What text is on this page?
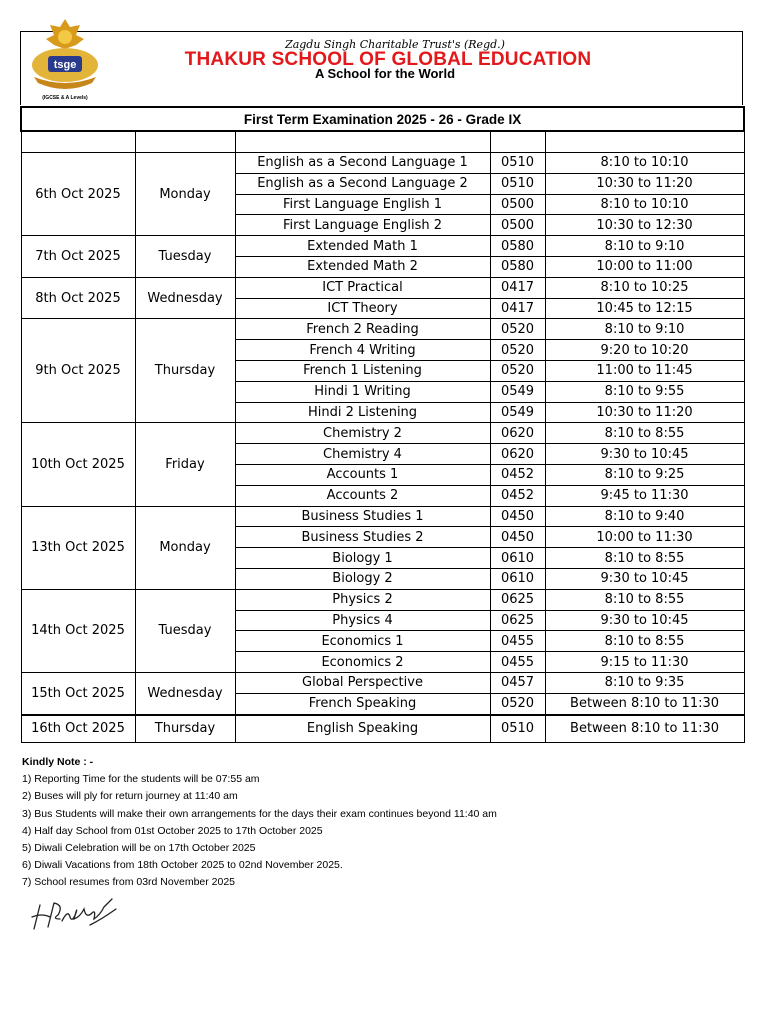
tsge
(IGCSE & A Levels)
Zagdu Singh Charitable Trust's (Regd.)
THAKUR SCHOOL OF GLOBAL EDUCATION
A School for the World
First Term Examination 2025 - 26 - Grade IX				

6th Oct 2025	Monday	English as a Second Language 1	0510	8:10 to 10:10
		English as a Second Language 2	0510	10:30 to 11:20
		First Language English 1	0500	8:10 to 10:10
		First Language English 2	0500	10:30 to 12:30
7th Oct 2025	Tuesday	Extended Math 1	0580	8:10 to 9:10
		Extended Math 2	0580	10:00 to 11:00
8th Oct 2025	Wednesday	ICT Practical	0417	8:10 to 10:25
		ICT Theory	0417	10:45 to 12:15
9th Oct 2025	Thursday	French 2 Reading	0520	8:10 to 9:10
		French 4 Writing	0520	9:20 to 10:20
		French 1 Listening	0520	11:00 to 11:45
		Hindi 1 Writing	0549	8:10 to 9:55
		Hindi 2 Listening	0549	10:30 to 11:20
10th Oct 2025	Friday	Chemistry 2	0620	8:10 to 8:55
		Chemistry 4	0620	9:30 to 10:45
		Accounts 1	0452	8:10 to 9:25
		Accounts 2	0452	9:45 to 11:30
13th Oct 2025	Monday	Business Studies 1	0450	8:10 to 9:40
		Business Studies 2	0450	10:00 to 11:30
		Biology 1	0610	8:10 to 8:55
		Biology 2	0610	9:30 to 10:45
14th Oct 2025	Tuesday	Physics 2	0625	8:10 to 8:55
		Physics 4	0625	9:30 to 10:45
		Economics 1	0455	8:10 to 8:55
		Economics 2	0455	9:15 to 11:30
15th Oct 2025	Wednesday	Global Perspective	0457	8:10 to 9:35
		French Speaking	0520	Between 8:10 to 11:30
16th Oct 2025	Thursday	English Speaking	0510	Between 8:10 to 11:30
Kindly Note : -
1) Reporting Time for the students will be 07:55 am
2) Buses will ply for return journey at 11:40 am
3) Bus Students will make their own arrangements for the days their exam continues beyond 11:40 am
4) Half day School from 01st October 2025 to 17th October 2025
5) Diwali Celebration will be on 17th October 2025
6) Diwali Vacations from 18th October 2025 to 02nd November 2025.
7) School resumes from 03rd November 2025
